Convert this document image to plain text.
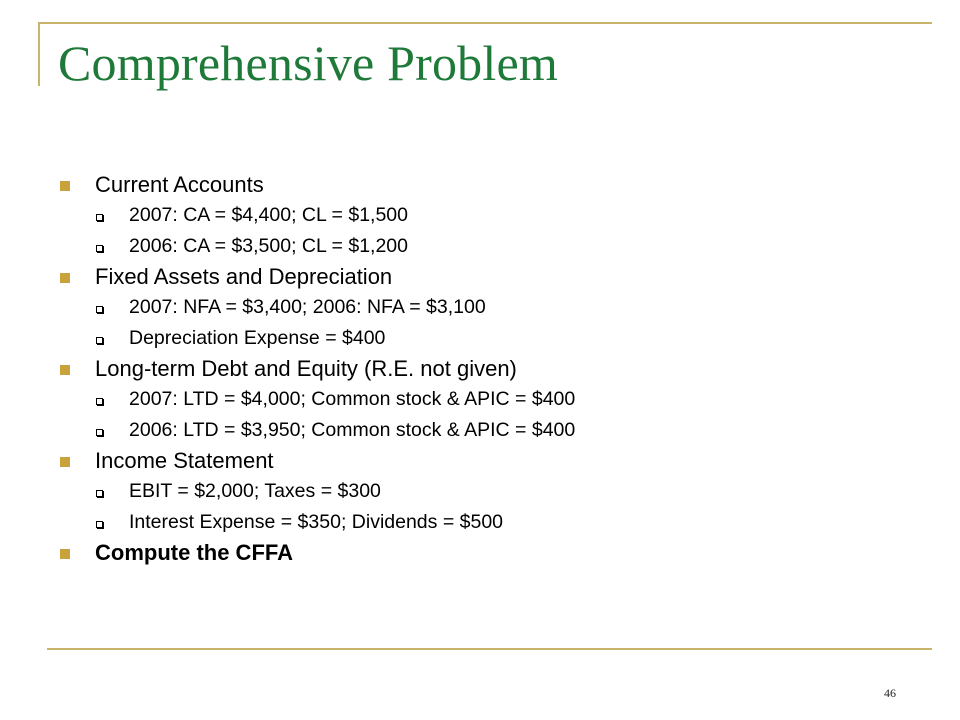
Comprehensive Problem
Current Accounts
2007: CA = $4,400; CL = $1,500
2006: CA = $3,500; CL = $1,200
Fixed Assets and Depreciation
2007: NFA = $3,400; 2006: NFA = $3,100
Depreciation Expense = $400
Long-term Debt and Equity (R.E. not given)
2007: LTD = $4,000; Common stock & APIC = $400
2006: LTD = $3,950; Common stock & APIC = $400
Income Statement
EBIT = $2,000; Taxes = $300
Interest Expense = $350; Dividends = $500
Compute the CFFA
46
